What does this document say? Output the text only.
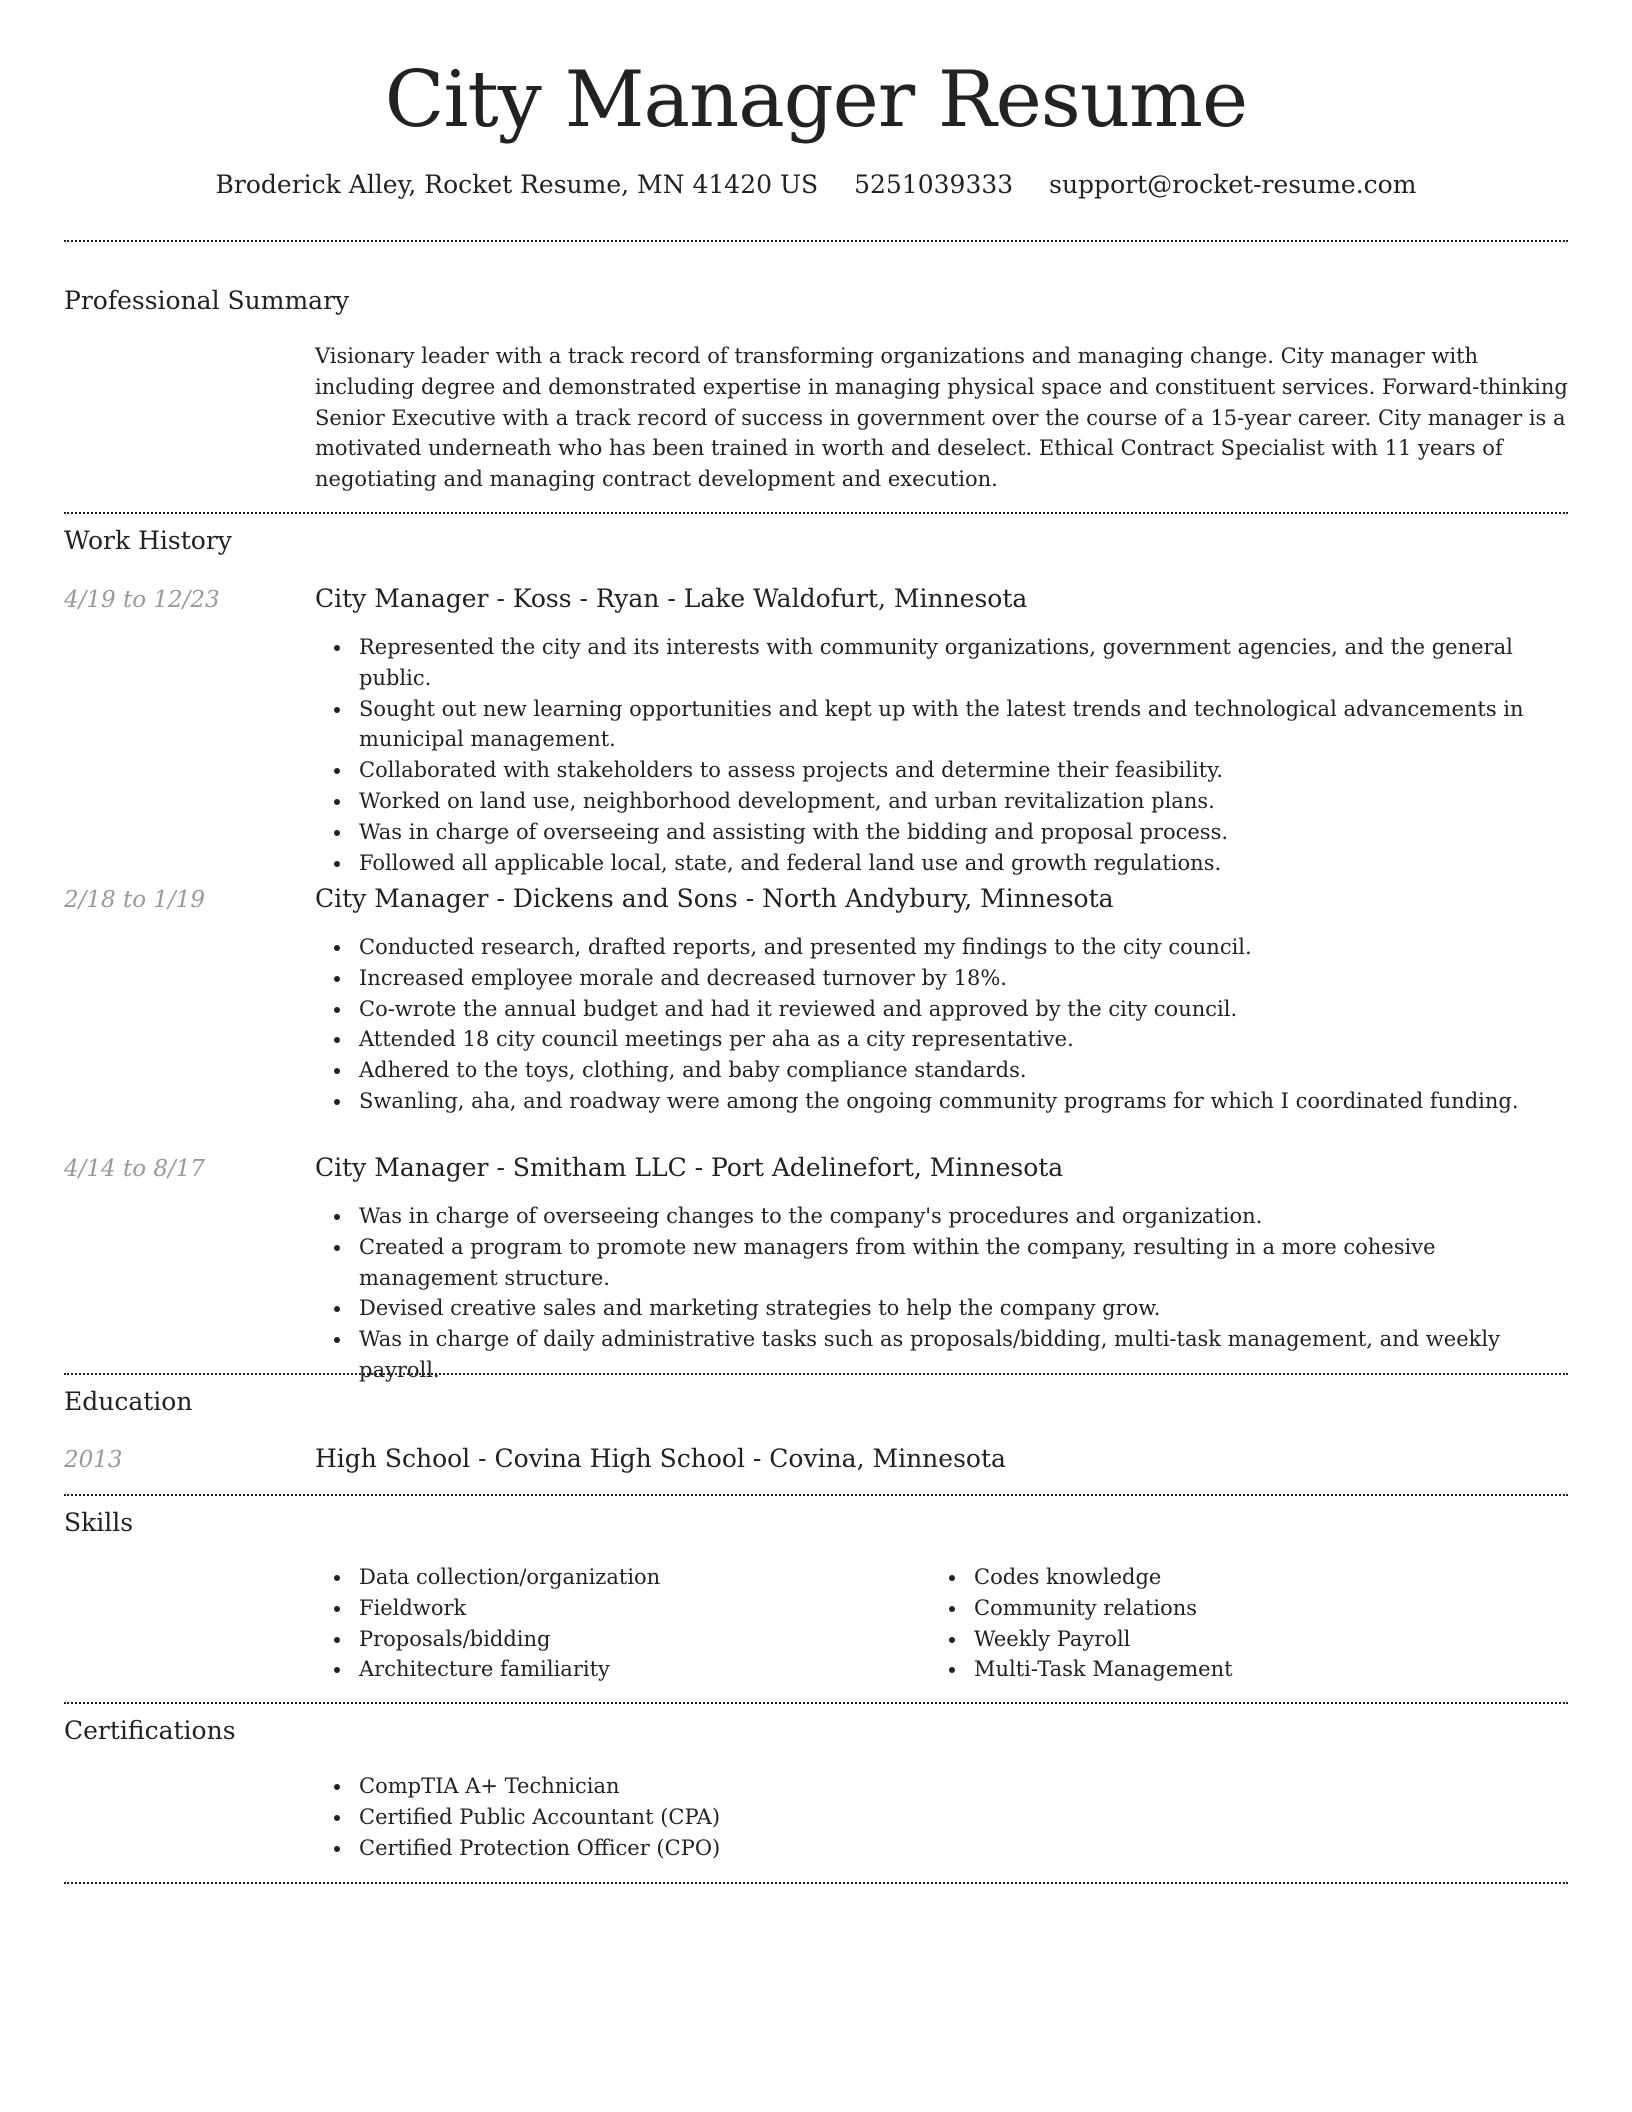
City Manager Resume
Broderick Alley, Rocket Resume, MN 41420 US 5251039333 support@rocket-resume.com
Professional Summary

Visionary leader with a track record of transforming organizations and managing change. City manager with including degree and demonstrated expertise in managing physical space and constituent services. Forward-thinking Senior Executive with a track record of success in government over the course of a 15-year career. City manager is a motivated underneath who has been trained in worth and deselect. Ethical Contract Specialist with 11 years of negotiating and managing contract development and execution.

Work History
4/19 to 12/23	City Manager - Koss - Ryan - Lake Waldofurt, Minnesota
Represented the city and its interests with community organizations, government agencies, and the general public.
Sought out new learning opportunities and kept up with the latest trends and technological advancements in municipal management.
Collaborated with stakeholders to assess projects and determine their feasibility.
Worked on land use, neighborhood development, and urban revitalization plans.
Was in charge of overseeing and assisting with the bidding and proposal process.
Followed all applicable local, state, and federal land use and growth regulations.
2/18 to 1/19	City Manager - Dickens and Sons - North Andybury, Minnesota
Conducted research, drafted reports, and presented my findings to the city council.
Increased employee morale and decreased turnover by 18%.
Co-wrote the annual budget and had it reviewed and approved by the city council.
Attended 18 city council meetings per aha as a city representative.
Adhered to the toys, clothing, and baby compliance standards.
Swanling, aha, and roadway were among the ongoing community programs for which I coordinated funding.
4/14 to 8/17	City Manager - Smitham LLC - Port Adelinefort, Minnesota
Was in charge of overseeing changes to the company's procedures and organization.
Created a program to promote new managers from within the company, resulting in a more cohesive management structure.
Devised creative sales and marketing strategies to help the company grow.
Was in charge of daily administrative tasks such as proposals/bidding, multi-task management, and weekly payroll.
Education
2013	High School - Covina High School - Covina, Minnesota
Skills
Data collection/organization
Fieldwork
Proposals/bidding
Architecture familiarity
Codes knowledge
Community relations
Weekly Payroll
Multi-Task Management
Certifications
CompTIA A+ Technician
Certified Public Accountant (CPA)
Certified Protection Officer (CPO)
